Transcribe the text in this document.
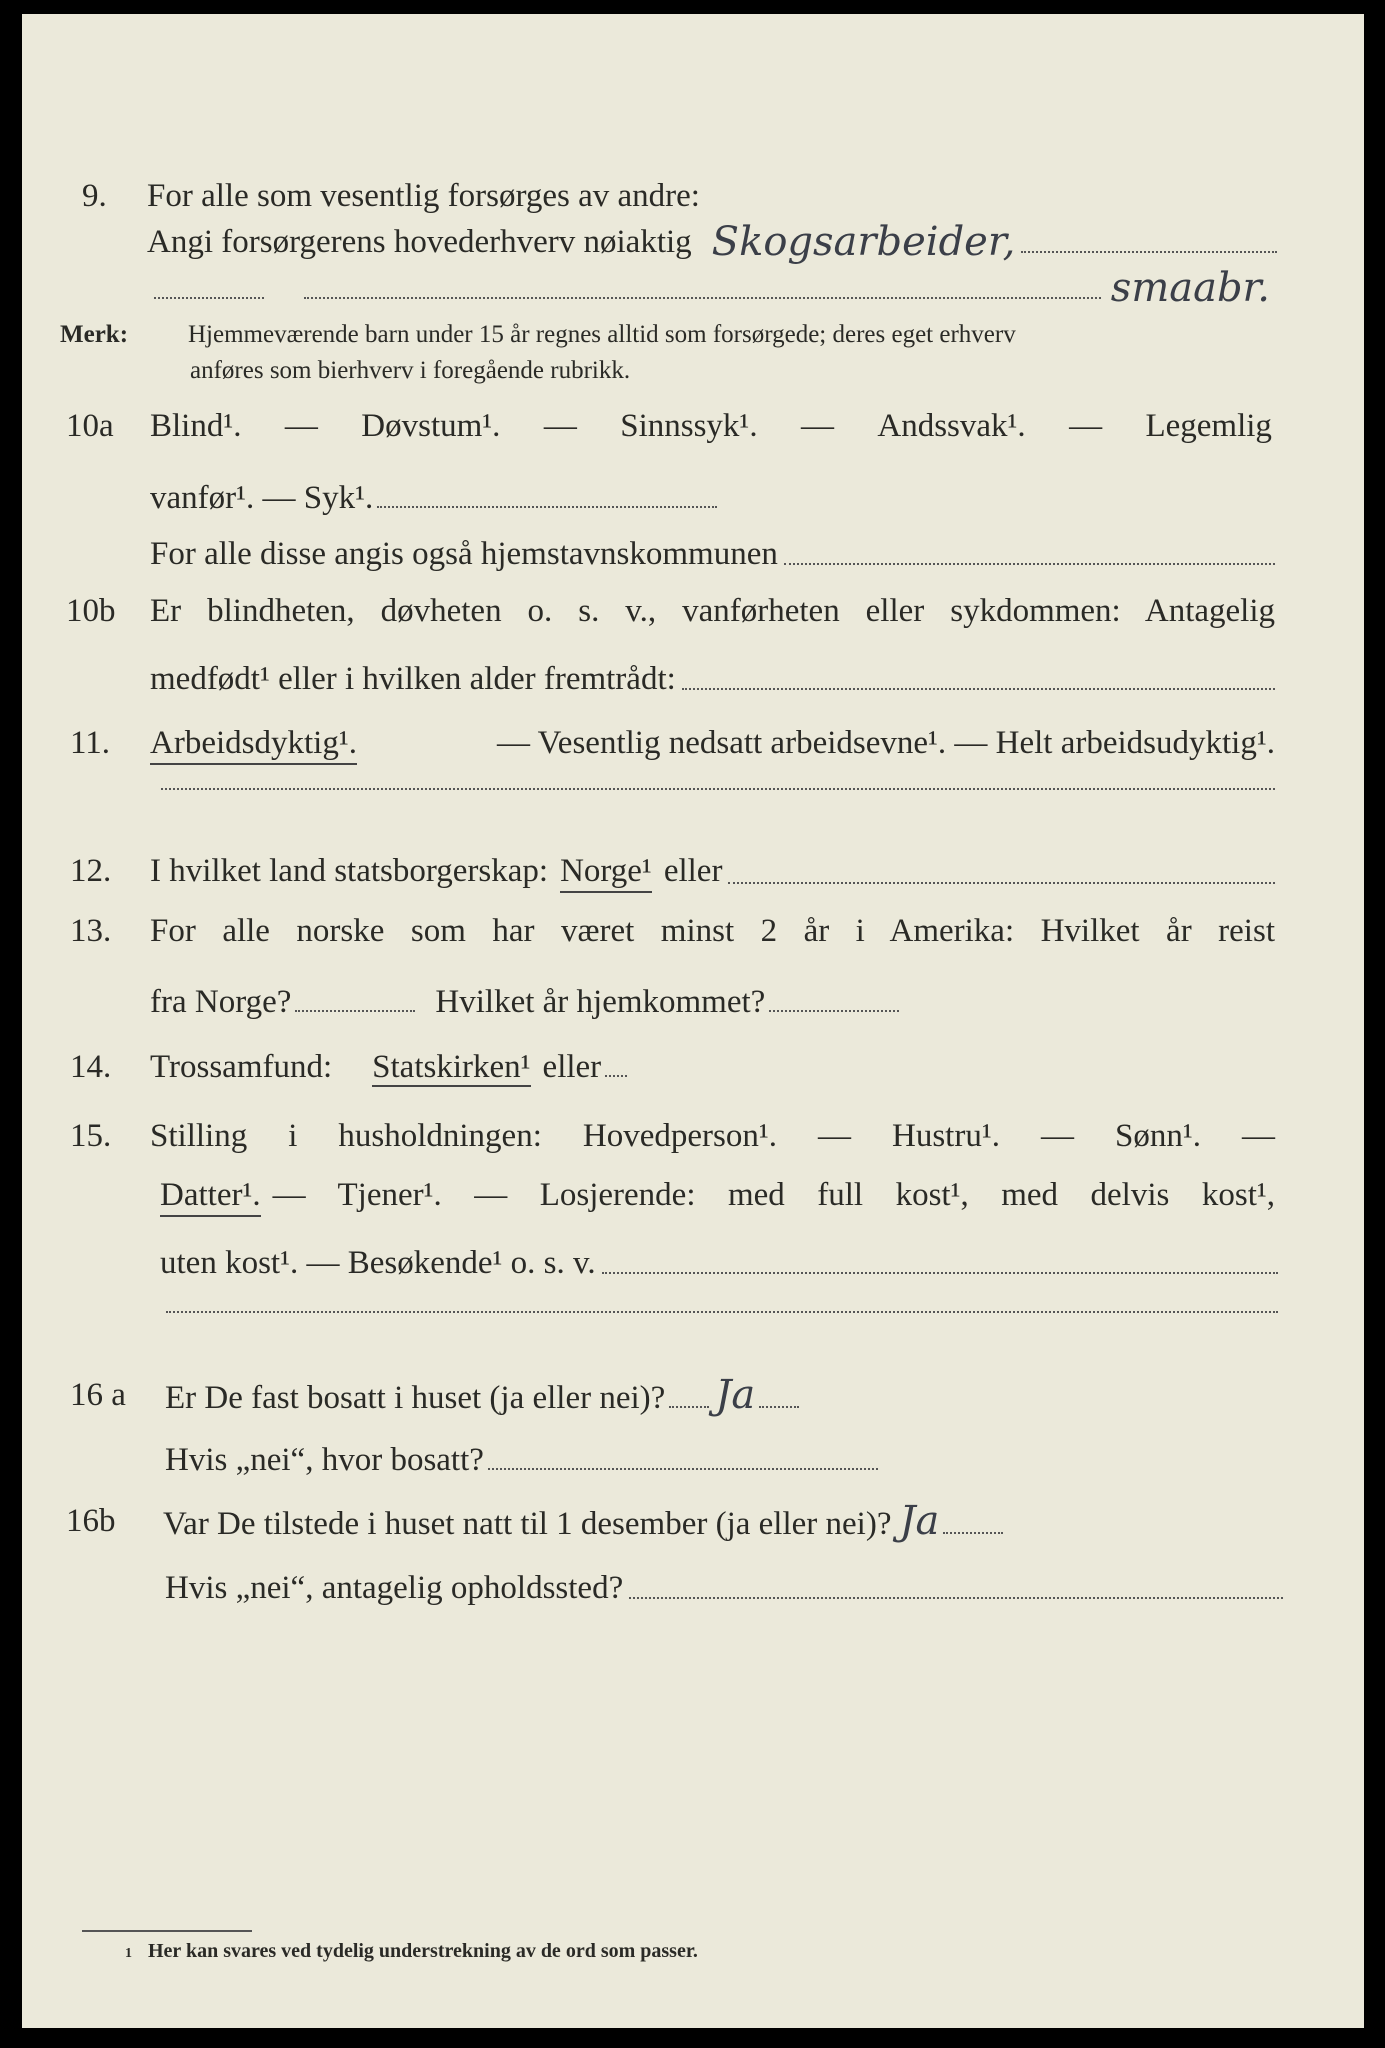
9. For alle som vesentlig forsørges av andre:
Angi forsørgerens hovederhverv nøiaktig Skogsarbeider,
smaabr.
Merk: Hjemmeværende barn under 15 år regnes alltid som forsørgede; deres eget erhverv
anføres som bierhverv i foregående rubrikk.
10a Blind¹. — Døvstum¹. — Sinnssyk¹. — Andssvak¹. — Legemlig
vanfør¹. — Syk¹.
For alle disse angis også hjemstavnskommunen
10b Er blindheten, døvheten o. s. v., vanførheten eller sykdommen: Antagelig
medfødt¹ eller i hvilken alder fremtrådt:
11. Arbeidsdyktig¹.	— Vesentlig nedsatt arbeidsevne¹. — Helt arbeidsudyktig¹.
12. I hvilket land statsborgerskap: Norge¹ eller
13. For alle norske som har været minst 2 år i Amerika: Hvilket år reist
fra Norge?	Hvilket år hjemkommet?
14. Trossamfund: Statskirken¹ eller
15. Stilling i husholdningen: Hovedperson¹. — Hustru¹. — Sønn¹. —
Datter¹. — Tjener¹. — Losjerende: med full kost¹, med delvis kost¹,
uten kost¹. — Besøkende¹ o. s. v.
16 a Er De fast bosatt i huset (ja eller nei)? Ja
Hvis „nei“, hvor bosatt?
16b Var De tilstede i huset natt til 1 desember (ja eller nei)? Ja
Hvis „nei“, antagelig opholdssted?
1 Her kan svares ved tydelig understrekning av de ord som passer.
